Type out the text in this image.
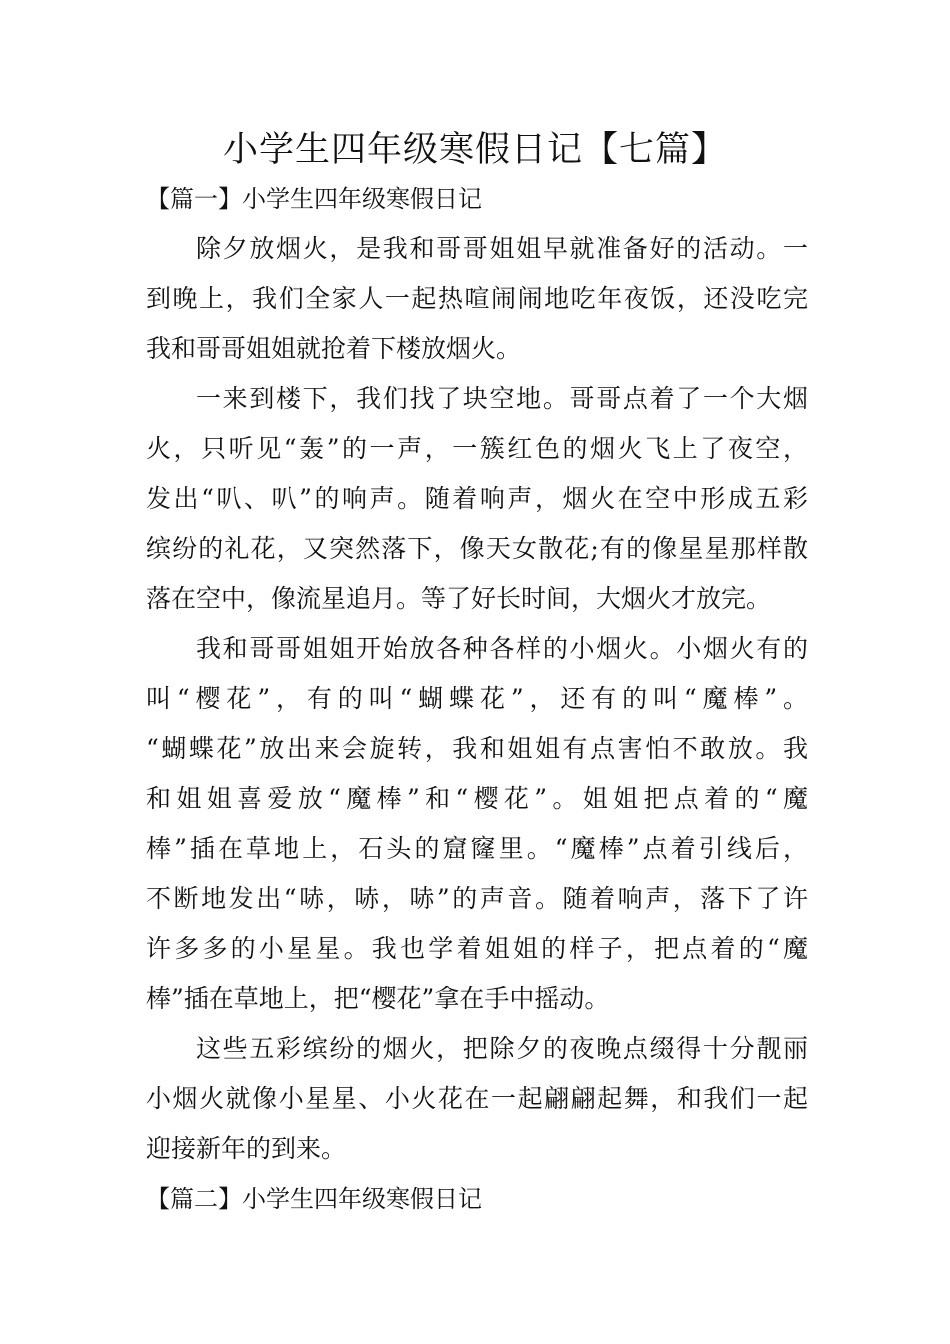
小学生四年级寒假日记【七篇】
【篇一】小学生四年级寒假日记
除夕放烟火，是我和哥哥姐姐早就准备好的活动。一
到晚上，我们全家人一起热喧闹闹地吃年夜饭，还没吃完
我和哥哥姐姐就抢着下楼放烟火。
一来到楼下，我们找了块空地。哥哥点着了一个大烟
火，只听见“轰”的一声，一簇红色的烟火飞上了夜空，
发出“叭、叭”的响声。随着响声，烟火在空中形成五彩
缤纷的礼花，又突然落下，像天女散花;有的像星星那样散
落在空中，像流星追月。等了好长时间，大烟火才放完。
我和哥哥姐姐开始放各种各样的小烟火。小烟火有的
叫“樱花”，有的叫“蝴蝶花”，还有的叫“魔棒”。
“蝴蝶花”放出来会旋转，我和姐姐有点害怕不敢放。我
和姐姐喜爱放“魔棒”和“樱花”。姐姐把点着的“魔
棒”插在草地上，石头的窟窿里。“魔棒”点着引线后，
不断地发出“哧，哧，哧”的声音。随着响声，落下了许
许多多的小星星。我也学着姐姐的样子，把点着的“魔
棒”插在草地上，把“樱花”拿在手中摇动。
这些五彩缤纷的烟火，把除夕的夜晚点缀得十分靓丽
小烟火就像小星星、小火花在一起翩翩起舞，和我们一起
迎接新年的到来。
【篇二】小学生四年级寒假日记
